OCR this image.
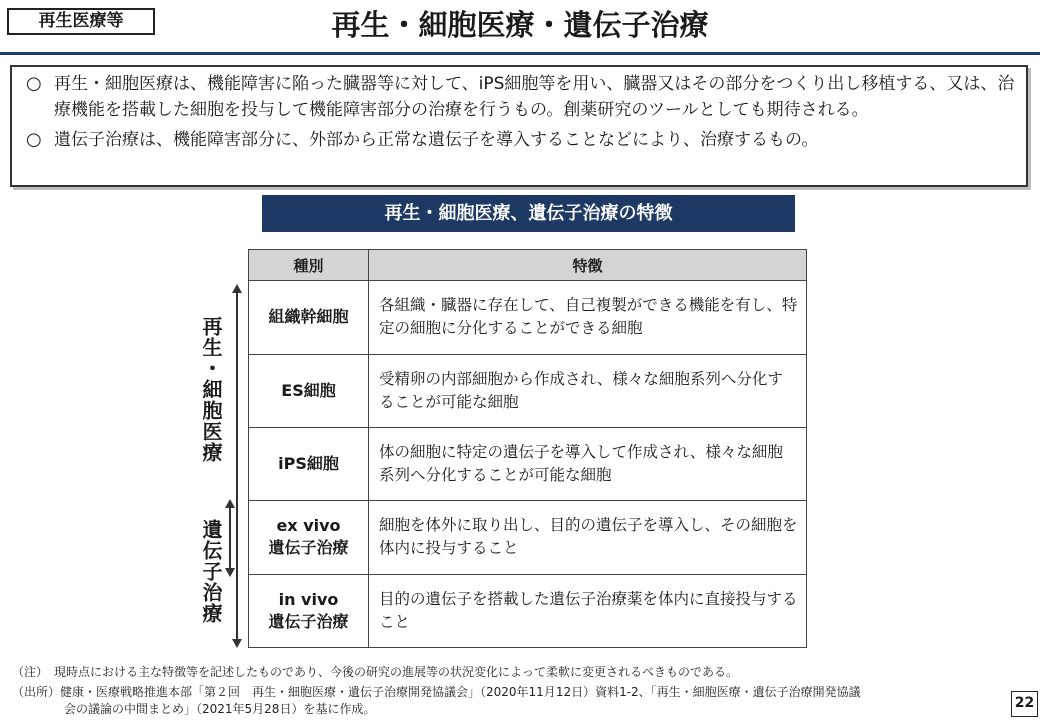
再生医療等	再生・細胞医療・遺伝子治療
○ 再生・細胞医療は、機能障害に陥った臓器等に対して、iPS細胞等を用い、臓器又はその部分をつくり出し移植する、又は、治療機能を搭載した細胞を投与して機能障害部分の治療を行うもの。創薬研究のツールとしても期待される。
○ 遺伝子治療は、機能障害部分に、外部から正常な遺伝子を導入することなどにより、治療するもの。
再生・細胞医療、遺伝子治療の特徴
種別	特徴
組織幹細胞	各組織・臓器に存在して、自己複製ができる機能を有し、特定の細胞に分化することができる細胞
ES細胞	受精卵の内部細胞から作成され、様々な細胞系列へ分化することが可能な細胞
iPS細胞	体の細胞に特定の遺伝子を導入して作成され、様々な細胞系列へ分化することが可能な細胞
ex vivo
遺伝子治療	細胞を体外に取り出し、目的の遺伝子を導入し、その細胞を体内に投与すること
in vivo
遺伝子治療	目的の遺伝子を搭載した遺伝子治療薬を体内に直接投与すること
再生・細胞医療
遺伝子治療
（注）　現時点における主な特徴等を記述したものであり、今後の研究の進展等の状況変化によって柔軟に変更されるべきものである。
（出所）健康・医療戦略推進本部「第２回　再生・細胞医療・遺伝子治療開発協議会」（2020年11月12日）資料1-2、「再生・細胞医療・遺伝子治療開発協議
会の議論の中間まとめ」（2021年5月28日）を基に作成。	22
